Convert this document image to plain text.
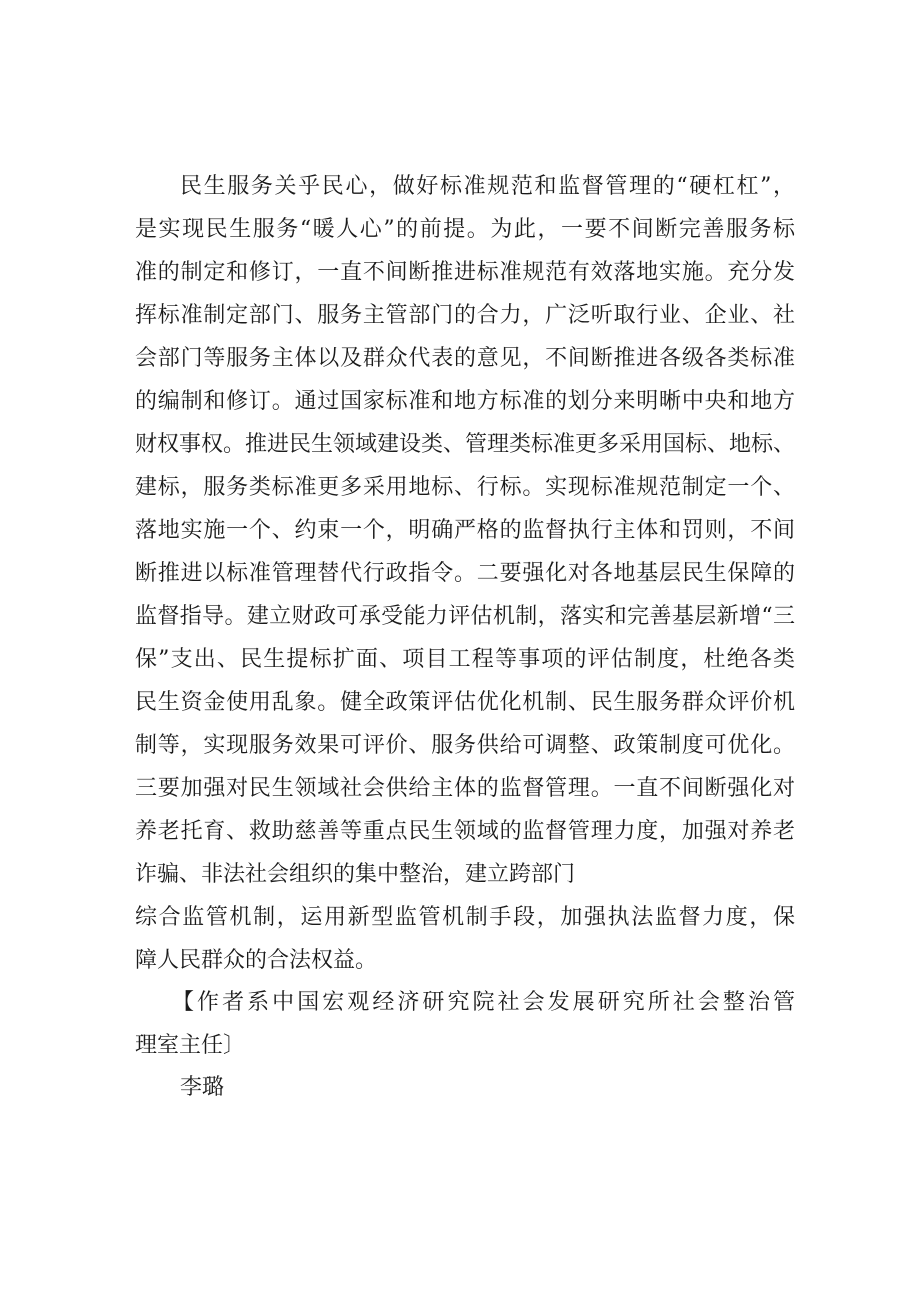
民生服务关乎民心，做好标准规范和监督管理的“硬杠杠”，
是实现民生服务“暖人心”的前提。为此，一要不间断完善服务标
准的制定和修订，一直不间断推进标准规范有效落地实施。充分发
挥标准制定部门、服务主管部门的合力，广泛听取行业、企业、社
会部门等服务主体以及群众代表的意见，不间断推进各级各类标准
的编制和修订。通过国家标准和地方标准的划分来明晰中央和地方
财权事权。推进民生领域建设类、管理类标准更多采用国标、地标、
建标，服务类标准更多采用地标、行标。实现标准规范制定一个、
落地实施一个、约束一个，明确严格的监督执行主体和罚则，不间
断推进以标准管理替代行政指令。二要强化对各地基层民生保障的
监督指导。建立财政可承受能力评估机制，落实和完善基层新增“三
保”支出、民生提标扩面、项目工程等事项的评估制度，杜绝各类
民生资金使用乱象。健全政策评估优化机制、民生服务群众评价机
制等，实现服务效果可评价、服务供给可调整、政策制度可优化。
三要加强对民生领域社会供给主体的监督管理。一直不间断强化对
养老托育、救助慈善等重点民生领域的监督管理力度，加强对养老
诈骗、非法社会组织的集中整治，建立跨部门
综合监管机制，运用新型监管机制手段，加强执法监督力度，保
障人民群众的合法权益。
【作者系中国宏观经济研究院社会发展研究所社会整治管
理室主任〕
李璐
